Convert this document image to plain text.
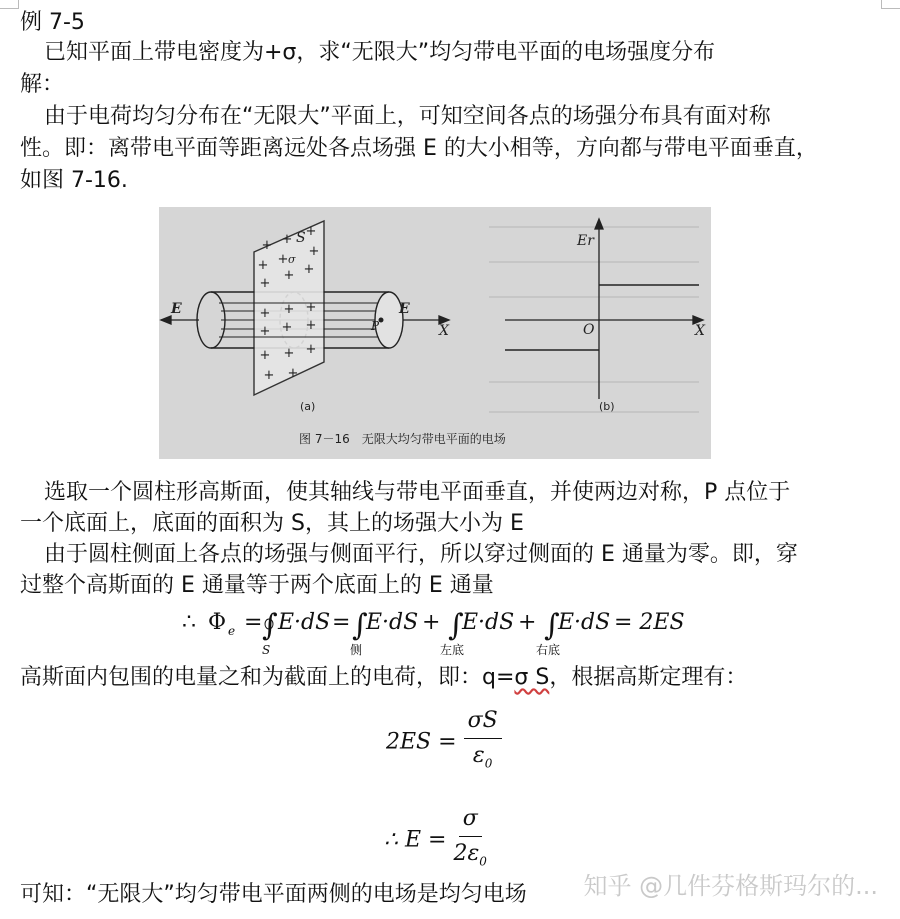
例 7-5
已知平面上带电密度为+σ，求“无限大”均匀带电平面的电场强度分布
解：
由于电荷均匀分布在“无限大”平面上，可知空间各点的场强分布具有面对称
性。即：离带电平面等距离远处各点场强 E 的大小相等，方向都与带电平面垂直，
如图 7-16.
+ +
+
+ +
+
+
+ +
+ + +
+ + +
+ + +
+ +
S
σ
E	E
P	X
(a)
Er
O	X
(b)
图 7－16　无限大均匀带电平面的电场
选取一个圆柱形高斯面，使其轴线与带电平面垂直，并使两边对称，P 点位于
一个底面上，底面的面积为 S，其上的场强大小为 E
由于圆柱侧面上各点的场强与侧面平行，所以穿过侧面的 E 通量为零。即，穿
过整个高斯面的 E 通量等于两个底面上的 E 通量
∴ Φ e = ∫
S
E·dS = ∫
侧
E·dS + ∫
左底
E·dS + ∫
右底
E·dS = 2ES
高斯面内包围的电量之和为截面上的电荷，即：q=σ S，根据高斯定理有：
$2ES = \frac{\sigma S}{\varepsilon_0}$
∴ $E = \frac{\sigma}{2\varepsilon_0}$
可知：“无限大”均匀带电平面两侧的电场是均匀电场 知乎 @几件芬格斯玛尔的...
